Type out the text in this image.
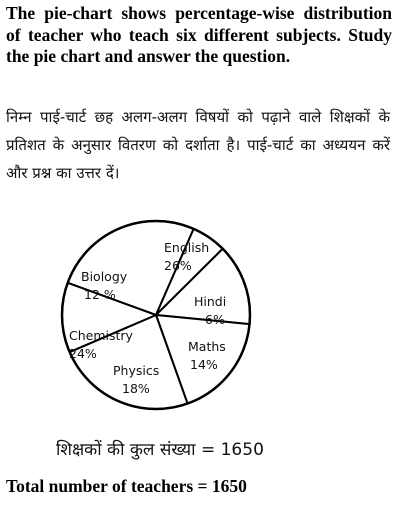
The pie-chart shows percentage-wise distribution of teacher who teach six different subjects. Study the pie chart and answer the question.

निम्न पाई-चार्ट छह अलग-अलग विषयों को पढ़ाने वाले शिक्षकों के प्रतिशत के अनुसार वितरण को दर्शाता है। पाई-चार्ट का अध्ययन करें और प्रश्न का उत्तर दें।

English
26%
Hindi
6%
Maths
14%
Physics
18%
Chemistry
24%
Biology
12 %

शिक्षकों की कुल संख्या = 1650

Total number of teachers = 1650
